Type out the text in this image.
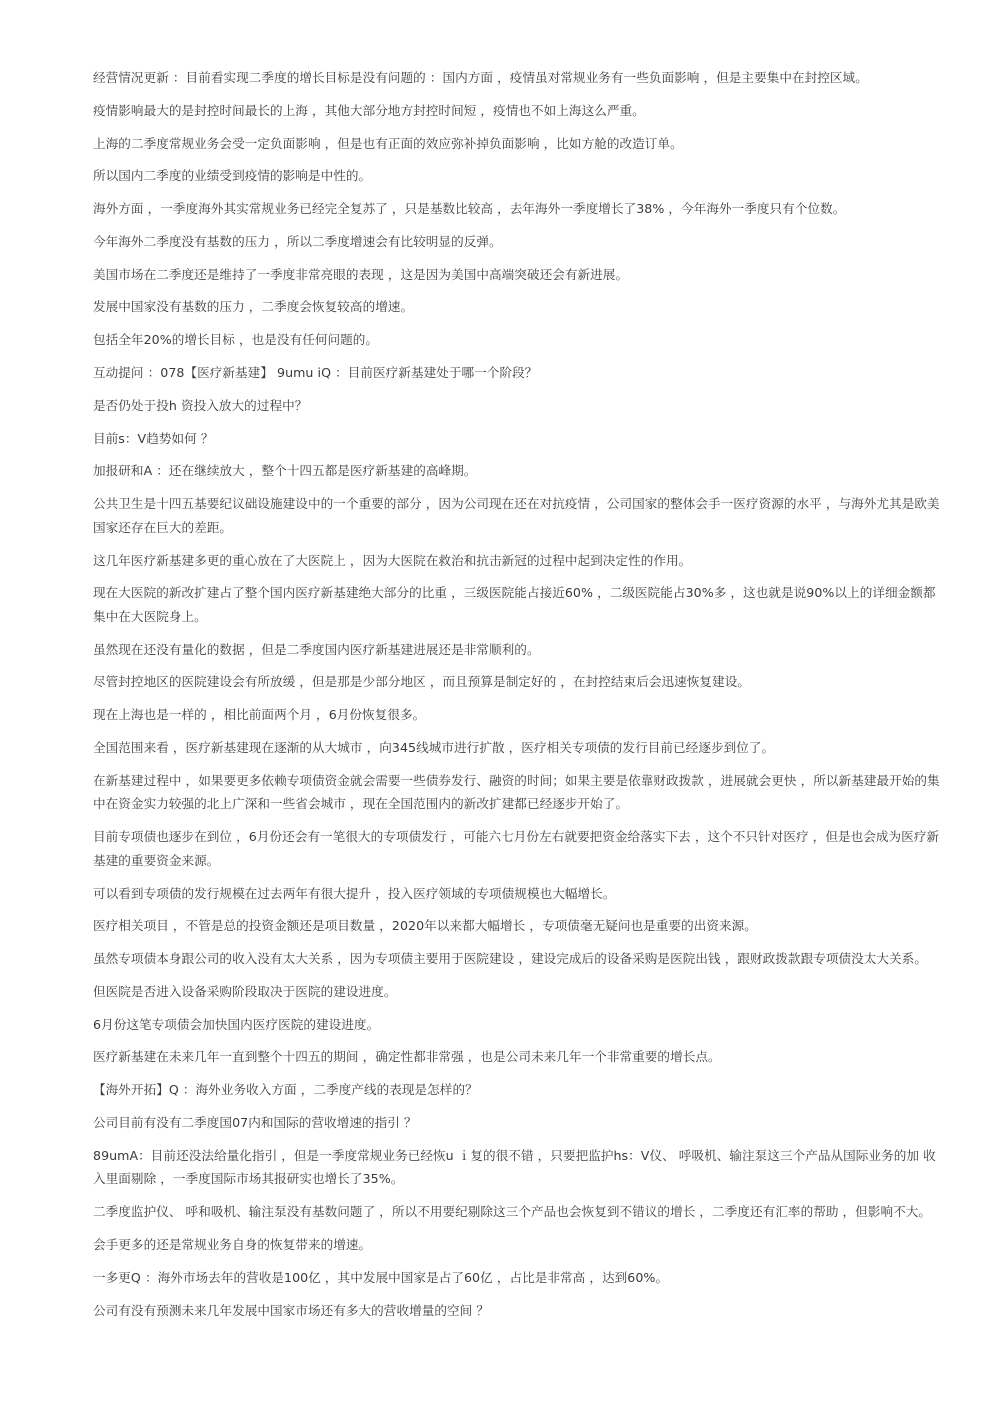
经营情况更新 ：目前看实现二季度的增长目标是没有问题的 ：国内方面 ，疫情虽对常规业务有一些负面影响 ，但是主要集中在封控区域。

疫情影响最大的是封控时间最长的上海 ，其他大部分地方封控时间短 ，疫情也不如上海这么严重。

上海的二季度常规业务会受一定负面影响 ，但是也有正面的效应弥补掉负面影响 ，比如方舱的改造订单。

所以国内二季度的业绩受到疫情的影响是中性的。

海外方面 ，一季度海外其实常规业务已经完全复苏了 ，只是基数比较高 ，去年海外一季度增长了38% ，今年海外一季度只有个位数。

今年海外二季度没有基数的压力 ，所以二季度增速会有比较明显的反弹。

美国市场在二季度还是维持了一季度非常亮眼的表现 ，这是因为美国中高端突破还会有新进展。

发展中国家没有基数的压力 ，二季度会恢复较高的增速。

包括全年20%的增长目标 ，也是没有任何问题的。

互动提问 ：078【医疗新基建】 9umu iQ ：目前医疗新基建处于哪一个阶段？

是否仍处于投h 资投入放大的过程中？

目前s：V趋势如何 ？

加报研和A ：还在继续放大 ，整个十四五都是医疗新基建的高峰期。

公共卫生是十四五基要纪议础设施建设中的一个重要的部分 ，因为公司现在还在对抗疫情 ，公司国家的整体会手一医疗资源的水平 ，与海外尤其是欧美国家还存在巨大的差距。

这几年医疗新基建多更的重心放在了大医院上 ，因为大医院在救治和抗击新冠的过程中起到决定性的作用。

现在大医院的新改扩建占了整个国内医疗新基建绝大部分的比重 ，三级医院能占接近60% ，二级医院能占30%多 ，这也就是说90%以上的详细金额都集中在大医院身上。

虽然现在还没有量化的数据 ，但是二季度国内医疗新基建进展还是非常顺利的。

尽管封控地区的医院建设会有所放缓 ，但是那是少部分地区 ，而且预算是制定好的 ，在封控结束后会迅速恢复建设。

现在上海也是一样的 ，相比前面两个月 ，6月份恢复很多。

全国范围来看 ，医疗新基建现在逐渐的从大城市 ，向345线城市进行扩散 ，医疗相关专项债的发行目前已经逐步到位了。

在新基建过程中 ，如果要更多依赖专项债资金就会需要一些债券发行、融资的时间；如果主要是依靠财政拨款 ，进展就会更快 ，所以新基建最开始的集中在资金实力较强的北上广深和一些省会城市 ，现在全国范围内的新改扩建都已经逐步开始了。

目前专项债也逐步在到位 ，6月份还会有一笔很大的专项债发行 ，可能六七月份左右就要把资金给落实下去 ，这个不只针对医疗 ，但是也会成为医疗新基建的重要资金来源。

可以看到专项债的发行规模在过去两年有很大提升 ，投入医疗领域的专项债规模也大幅增长。

医疗相关项目 ，不管是总的投资金额还是项目数量 ，2020年以来都大幅增长 ，专项债毫无疑问也是重要的出资来源。

虽然专项债本身跟公司的收入没有太大关系 ，因为专项债主要用于医院建设 ，建设完成后的设备采购是医院出钱 ，跟财政拨款跟专项债没太大关系。

但医院是否进入设备采购阶段取决于医院的建设进度。

6月份这笔专项债会加快国内医疗医院的建设进度。

医疗新基建在未来几年一直到整个十四五的期间 ，确定性都非常强 ，也是公司未来几年一个非常重要的增长点。

【海外开拓】Q ：海外业务收入方面 ，二季度产线的表现是怎样的？

公司目前有没有二季度国07内和国际的营收增速的指引 ？

89umA：目前还没法给量化指引 ，但是一季度常规业务已经恢u ｉ复的很不错 ，只要把监护hs：V仪、 呼吸机、输注泵这三个产品从国际业务的加 收入里面剔除 ，一季度国际市场其报研实也增长了35%。

二季度监护仪、 呼和吸机、输注泵没有基数问题了 ，所以不用要纪剔除这三个产品也会恢复到不错议的增长 ，二季度还有汇率的帮助 ，但影响不大。

会手更多的还是常规业务自身的恢复带来的增速。

一多更Q ：海外市场去年的营收是100亿 ，其中发展中国家是占了60亿 ，占比是非常高 ，达到60%。

公司有没有预测未来几年发展中国家市场还有多大的营收增量的空间 ？
